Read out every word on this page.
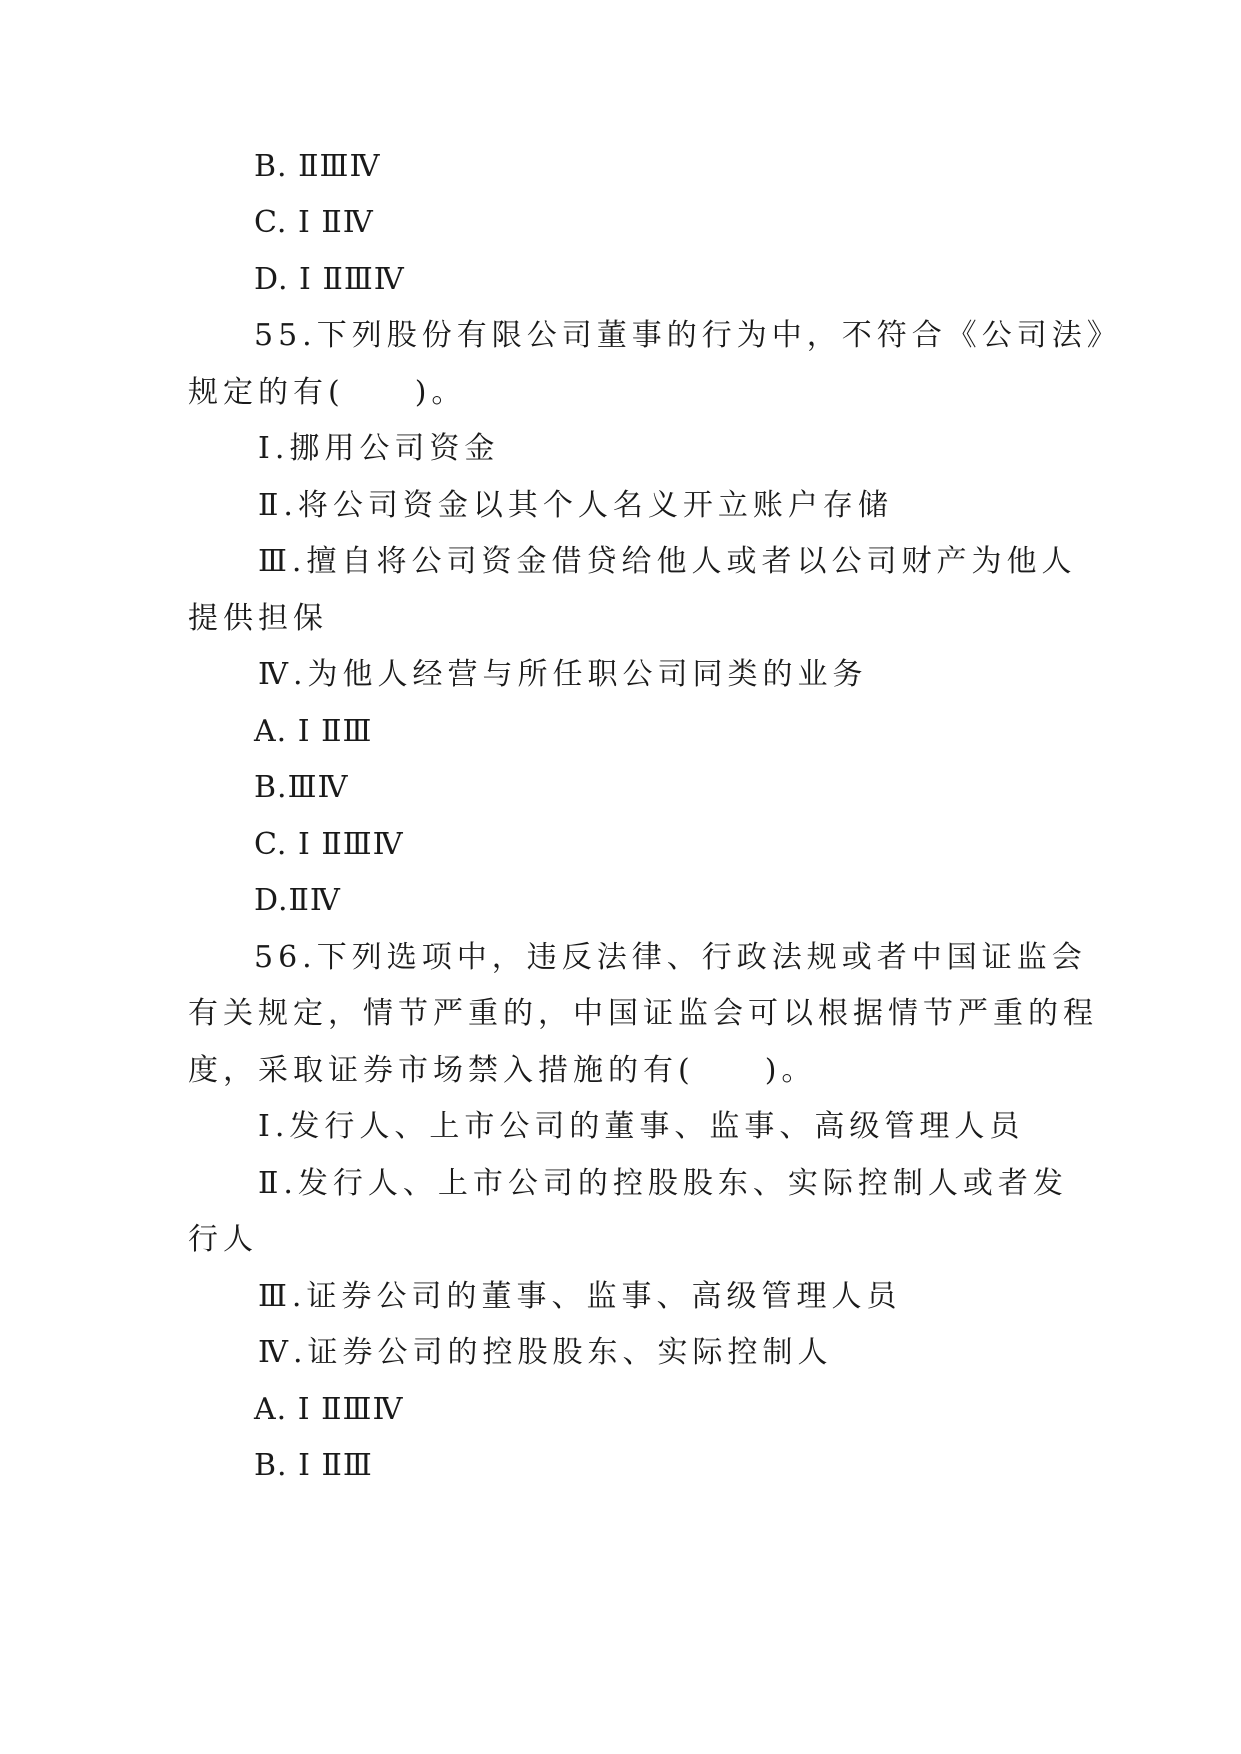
B. ⅡⅢⅣ
C. Ⅰ ⅡⅣ
D. Ⅰ ⅡⅢⅣ
55.下列股份有限公司董事的行为中，不符合《公司法》
规定的有(　　)。
Ⅰ.挪用公司资金
Ⅱ.将公司资金以其个人名义开立账户存储
Ⅲ.擅自将公司资金借贷给他人或者以公司财产为他人
提供担保
Ⅳ.为他人经营与所任职公司同类的业务
A. Ⅰ ⅡⅢ
B.ⅢⅣ
C. Ⅰ ⅡⅢⅣ
D.ⅡⅣ
56.下列选项中，违反法律、行政法规或者中国证监会
有关规定，情节严重的，中国证监会可以根据情节严重的程
度，采取证券市场禁入措施的有(　　)。
Ⅰ.发行人、上市公司的董事、监事、高级管理人员
Ⅱ.发行人、上市公司的控股股东、实际控制人或者发
行人
Ⅲ.证券公司的董事、监事、高级管理人员
Ⅳ.证券公司的控股股东、实际控制人
A. Ⅰ ⅡⅢⅣ
B. Ⅰ ⅡⅢ
